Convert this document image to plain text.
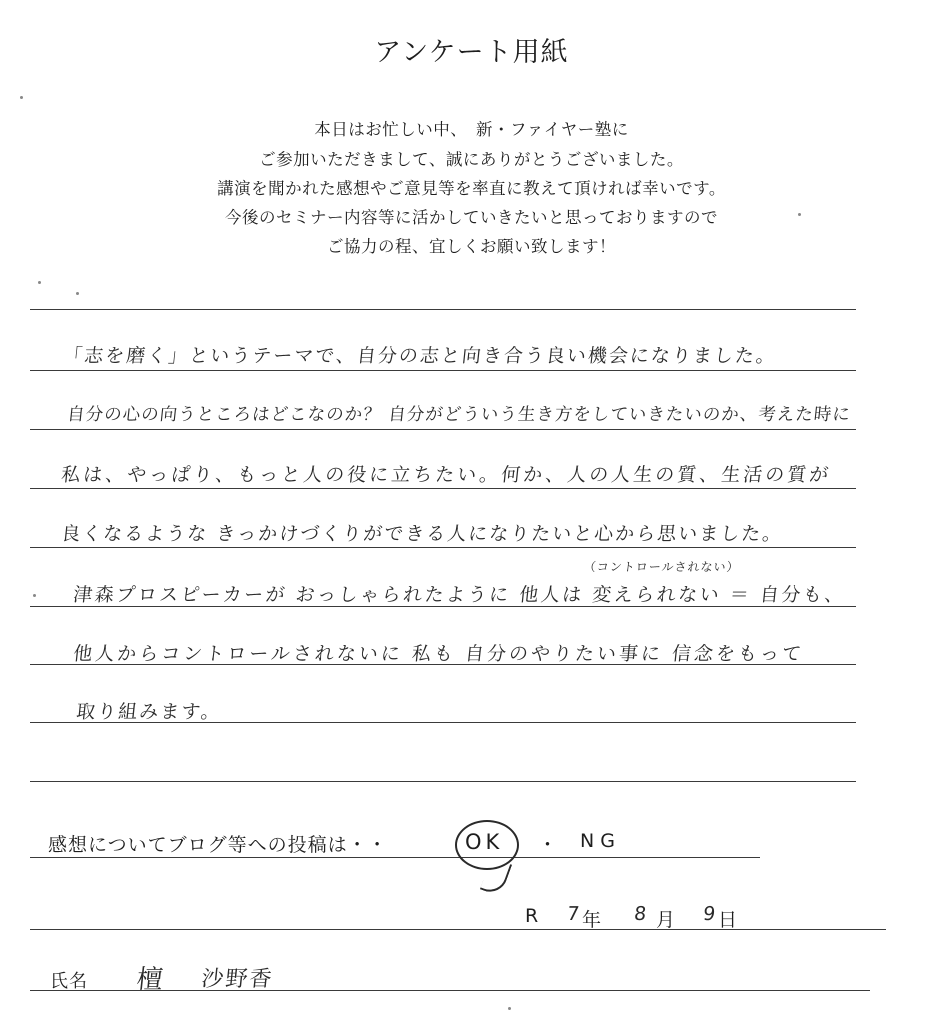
アンケート用紙
本日はお忙しい中、　新・ファイヤー塾に
ご参加いただきまして、誠にありがとうございました。
講演を聞かれた感想やご意見等を率直に教えて頂ければ幸いです。
今後のセミナー内容等に活かしていきたいと思っておりますので
ご協力の程、宜しくお願い致します！
「志を磨く」というテーマで、自分の志と向き合う良い機会になりました。
自分の心の向うところはどこなのか？ 自分がどういう生き方をしていきたいのか、考えた時に
私は、やっぱり、もっと人の役に立ちたい。何か、人の人生の質、生活の質が
良くなるような きっかけづくりができる人になりたいと心から思いました。
（コントロールされない）
津森プロスピーカーが おっしゃられたように 他人は 変えられない ＝ 自分も、
他人からコントロールされないに 私も 自分のやりたい事に 信念をもって
取り組みます。
感想についてブログ等への投稿は・・	OK ・ NG
R 7 年 8 月 9 日
氏名 檀 沙野香
